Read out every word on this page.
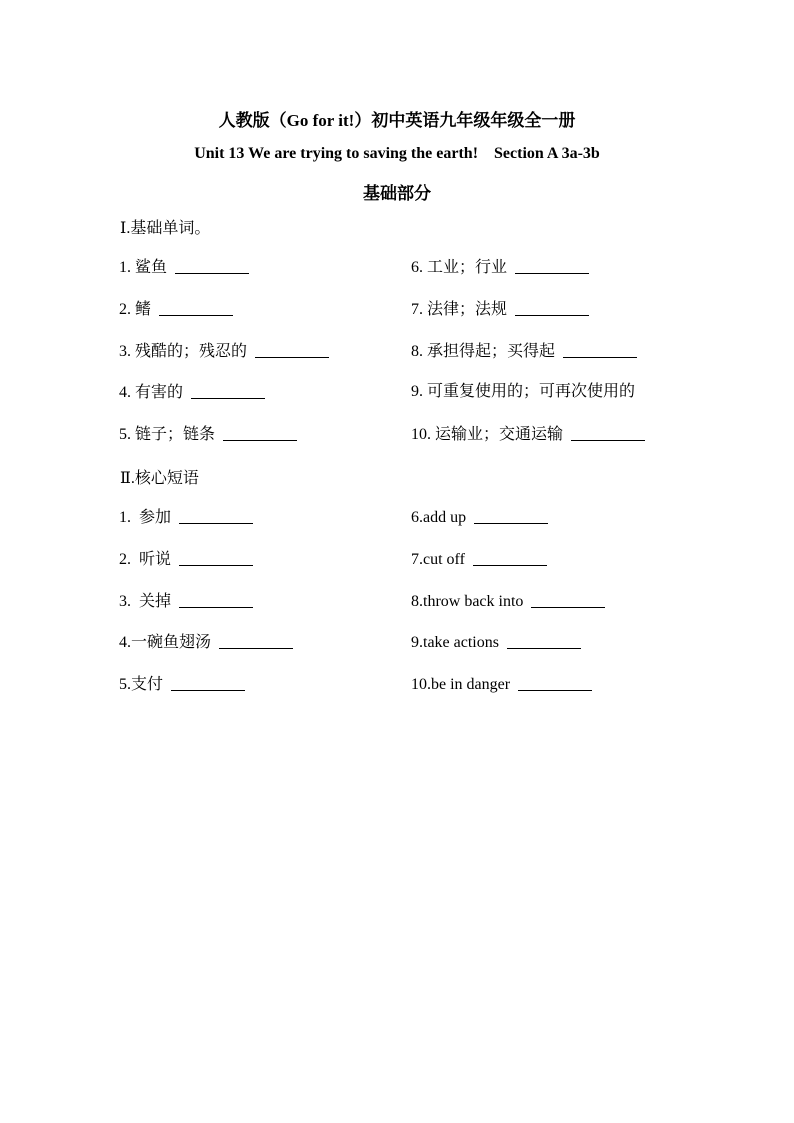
人教版（Go for it!）初中英语九年级年级全一册
Unit 13 We are trying to saving the earth!    Section A 3a-3b
基础部分
Ⅰ.基础单词。
1. 鲨鱼
2. 鳍
3. 残酷的；残忍的
4. 有害的
5. 链子；链条
6. 工业；行业
7. 法律；法规
8. 承担得起；买得起
9. 可重复使用的；可再次使用的
10. 运输业；交通运输
Ⅱ.核心短语
1.  参加
2.  听说
3.  关掉
4.一碗鱼翅汤
5.支付
6.add up
7.cut off
8.throw back into
9.take actions
10.be in danger
